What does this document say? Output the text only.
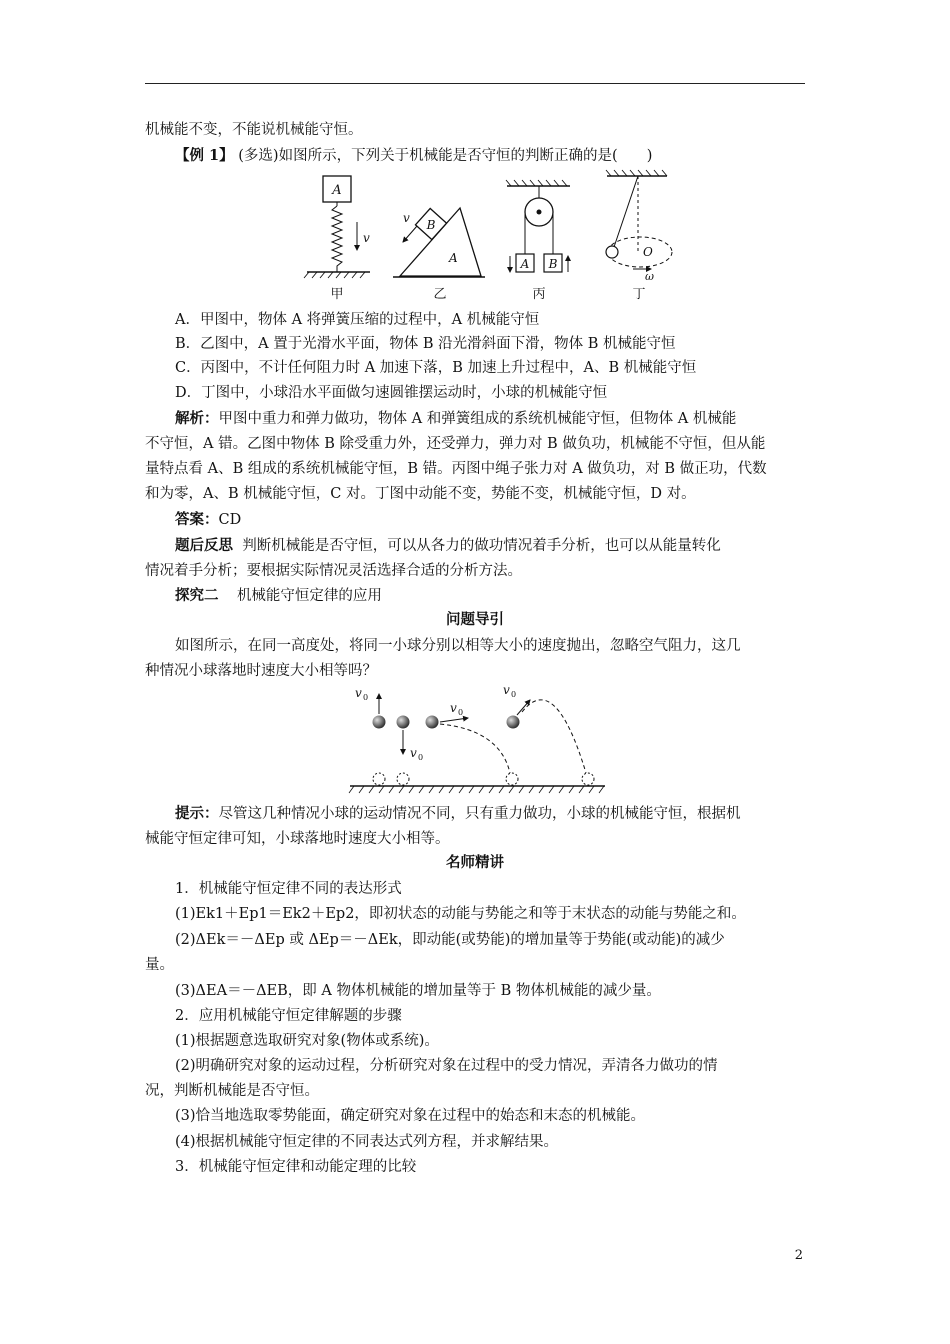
机械能不变，不能说机械能守恒。
【例 1】 (多选)如图所示，下列关于机械能是否守恒的判断正确的是(　　)
A
v
甲
B
A
v
乙
A B
丙
O
ω
丁
A．甲图中，物体 A 将弹簧压缩的过程中，A 机械能守恒
B．乙图中，A 置于光滑水平面，物体 B 沿光滑斜面下滑，物体 B 机械能守恒
C．丙图中，不计任何阻力时 A 加速下落，B 加速上升过程中，A、B 机械能守恒
D．丁图中，小球沿水平面做匀速圆锥摆运动时，小球的机械能守恒
解析：甲图中重力和弹力做功，物体 A 和弹簧组成的系统机械能守恒，但物体 A 机械能
不守恒，A 错。乙图中物体 B 除受重力外，还受弹力，弹力对 B 做负功，机械能不守恒，但从能
量特点看 A、B 组成的系统机械能守恒，B 错。丙图中绳子张力对 A 做负功，对 B 做正功，代数
和为零，A、B 机械能守恒，C 对。丁图中动能不变，势能不变，机械能守恒，D 对。
答案：CD
题后反思 判断机械能是否守恒，可以从各力的做功情况着手分析，也可以从能量转化
情况着手分析；要根据实际情况灵活选择合适的分析方法。
探究二 机械能守恒定律的应用
问题导引
如图所示，在同一高度处，将同一小球分别以相等大小的速度抛出，忽略空气阻力，这几
种情况小球落地时速度大小相等吗？
v 0
v 0
v 0
v 0
提示：尽管这几种情况小球的运动情况不同，只有重力做功，小球的机械能守恒，根据机
械能守恒定律可知，小球落地时速度大小相等。
名师精讲
1．机械能守恒定律不同的表达形式
(1)Ek1＋Ep1＝Ek2＋Ep2，即初状态的动能与势能之和等于末状态的动能与势能之和。
(2)ΔEk＝－ΔEp 或 ΔEp＝－ΔEk，即动能(或势能)的增加量等于势能(或动能)的减少
量。
(3)ΔEA＝－ΔEB，即 A 物体机械能的增加量等于 B 物体机械能的减少量。
2．应用机械能守恒定律解题的步骤
(1)根据题意选取研究对象(物体或系统)。
(2)明确研究对象的运动过程，分析研究对象在过程中的受力情况，弄清各力做功的情
况，判断机械能是否守恒。
(3)恰当地选取零势能面，确定研究对象在过程中的始态和末态的机械能。
(4)根据机械能守恒定律的不同表达式列方程，并求解结果。
3．机械能守恒定律和动能定理的比较
2
